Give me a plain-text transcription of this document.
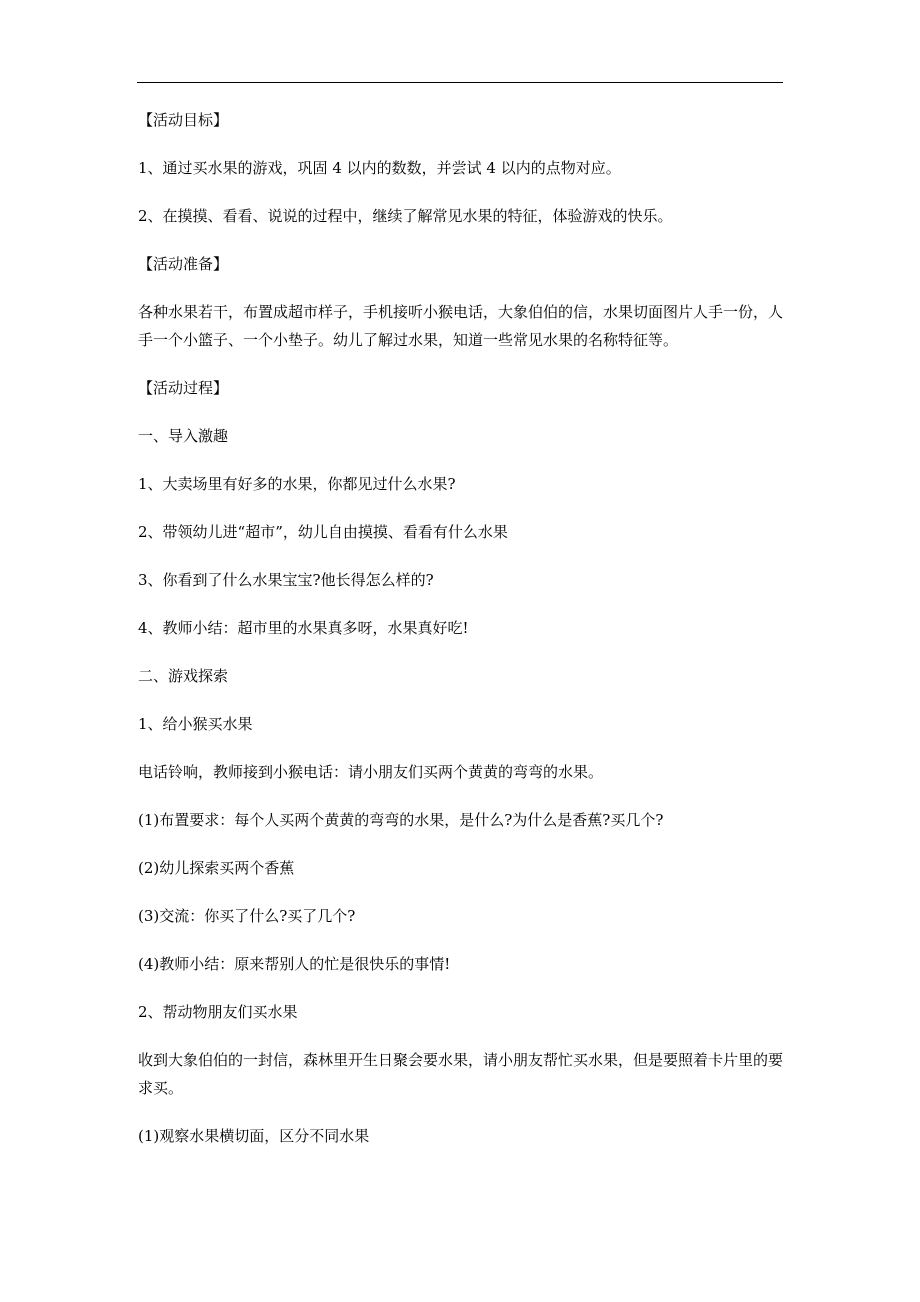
【活动目标】

1、通过买水果的游戏，巩固 4 以内的数数，并尝试 4 以内的点物对应。

2、在摸摸、看看、说说的过程中，继续了解常见水果的特征，体验游戏的快乐。

【活动准备】

各种水果若干，布置成超市样子，手机接听小猴电话，大象伯伯的信，水果切面图片人手一份，人手一个小篮子、一个小垫子。幼儿了解过水果，知道一些常见水果的名称特征等。

【活动过程】

一、导入激趣

1、大卖场里有好多的水果，你都见过什么水果?

2、带领幼儿进“超市”，幼儿自由摸摸、看看有什么水果

3、你看到了什么水果宝宝?他长得怎么样的?

4、教师小结：超市里的水果真多呀，水果真好吃!

二、游戏探索

1、给小猴买水果

电话铃响，教师接到小猴电话：请小朋友们买两个黄黄的弯弯的水果。

(1)布置要求：每个人买两个黄黄的弯弯的水果，是什么?为什么是香蕉?买几个?

(2)幼儿探索买两个香蕉

(3)交流：你买了什么?买了几个?

(4)教师小结：原来帮别人的忙是很快乐的事情!

2、帮动物朋友们买水果

收到大象伯伯的一封信，森林里开生日聚会要水果，请小朋友帮忙买水果，但是要照着卡片里的要求买。

(1)观察水果横切面，区分不同水果
